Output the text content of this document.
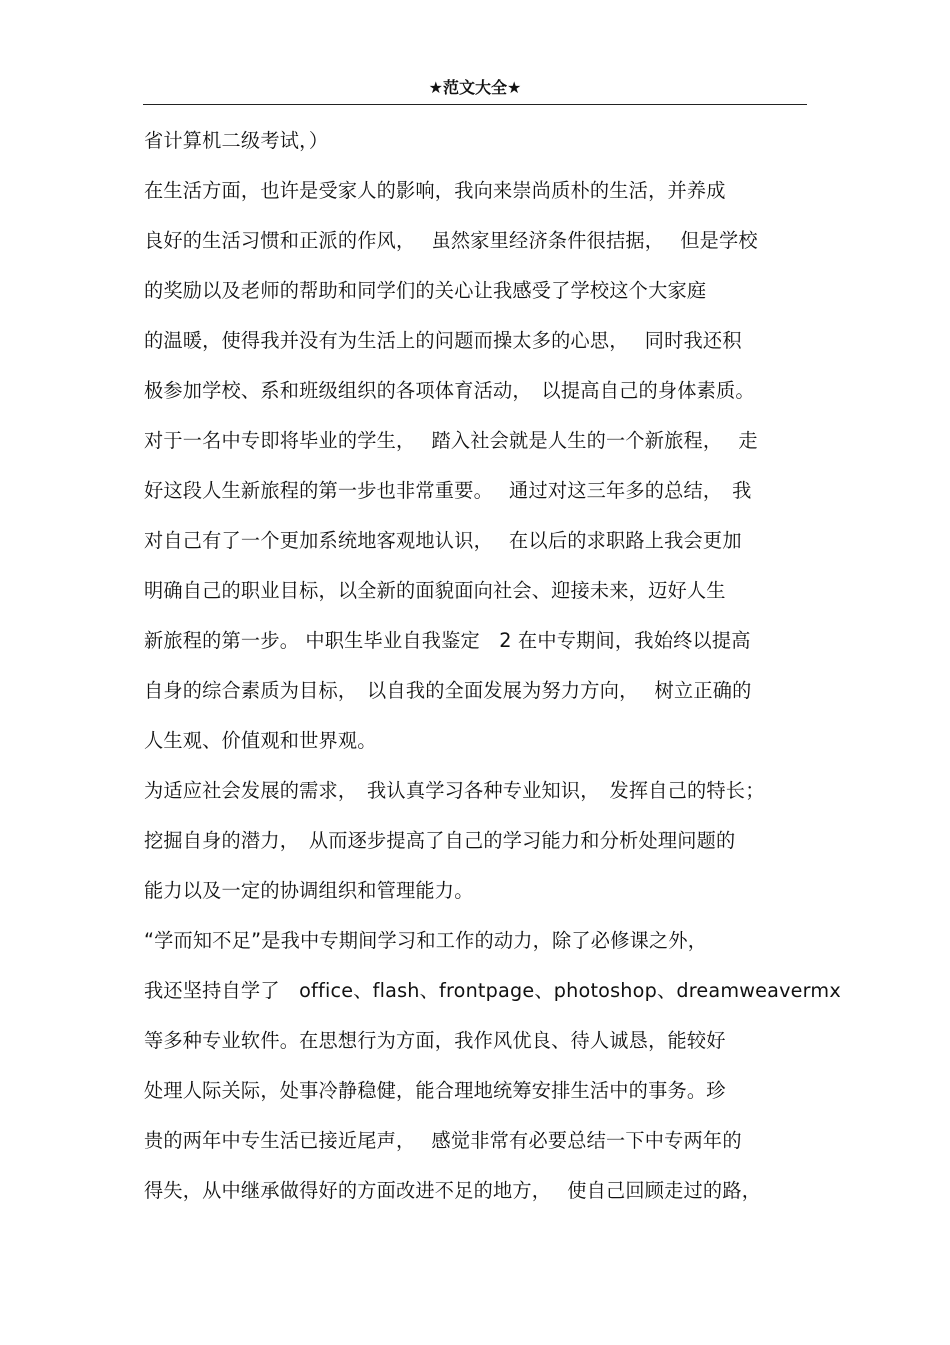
★范文大全★
省计算机二级考试，）
在生活方面，也许是受家人的影响，我向来崇尚质朴的生活，并养成
良好的生活习惯和正派的作风，　 虽然家里经济条件很拮据，　 但是学校
的奖励以及老师的帮助和同学们的关心让我感受了学校这个大家庭
的温暖，使得我并没有为生活上的问题而操太多的心思，　 同时我还积
极参加学校、系和班级组织的各项体育活动，　以提高自己的身体素质。
对于一名中专即将毕业的学生，　 踏入社会就是人生的一个新旅程，　 走
好这段人生新旅程的第一步也非常重要。　 通过对这三年多的总结，　我
对自己有了一个更加系统地客观地认识，　 在以后的求职路上我会更加
明确自己的职业目标，以全新的面貌面向社会、迎接未来，迈好人生
新旅程的第一步。 中职生毕业自我鉴定　2 在中专期间，我始终以提高
自身的综合素质为目标，　以自我的全面发展为努力方向，　 树立正确的
人生观、价值观和世界观。
为适应社会发展的需求，　我认真学习各种专业知识，　发挥自己的特长；
挖掘自身的潜力，　从而逐步提高了自己的学习能力和分析处理问题的
能力以及一定的协调组织和管理能力。
“学而知不足”是我中专期间学习和工作的动力，除了必修课之外，
我还坚持自学了　office、flash、frontpage、photoshop、dreamweavermx
等多种专业软件。在思想行为方面，我作风优良、待人诚恳，能较好
处理人际关际，处事冷静稳健，能合理地统筹安排生活中的事务。珍
贵的两年中专生活已接近尾声，　 感觉非常有必要总结一下中专两年的
得失，从中继承做得好的方面改进不足的地方，　 使自己回顾走过的路，
